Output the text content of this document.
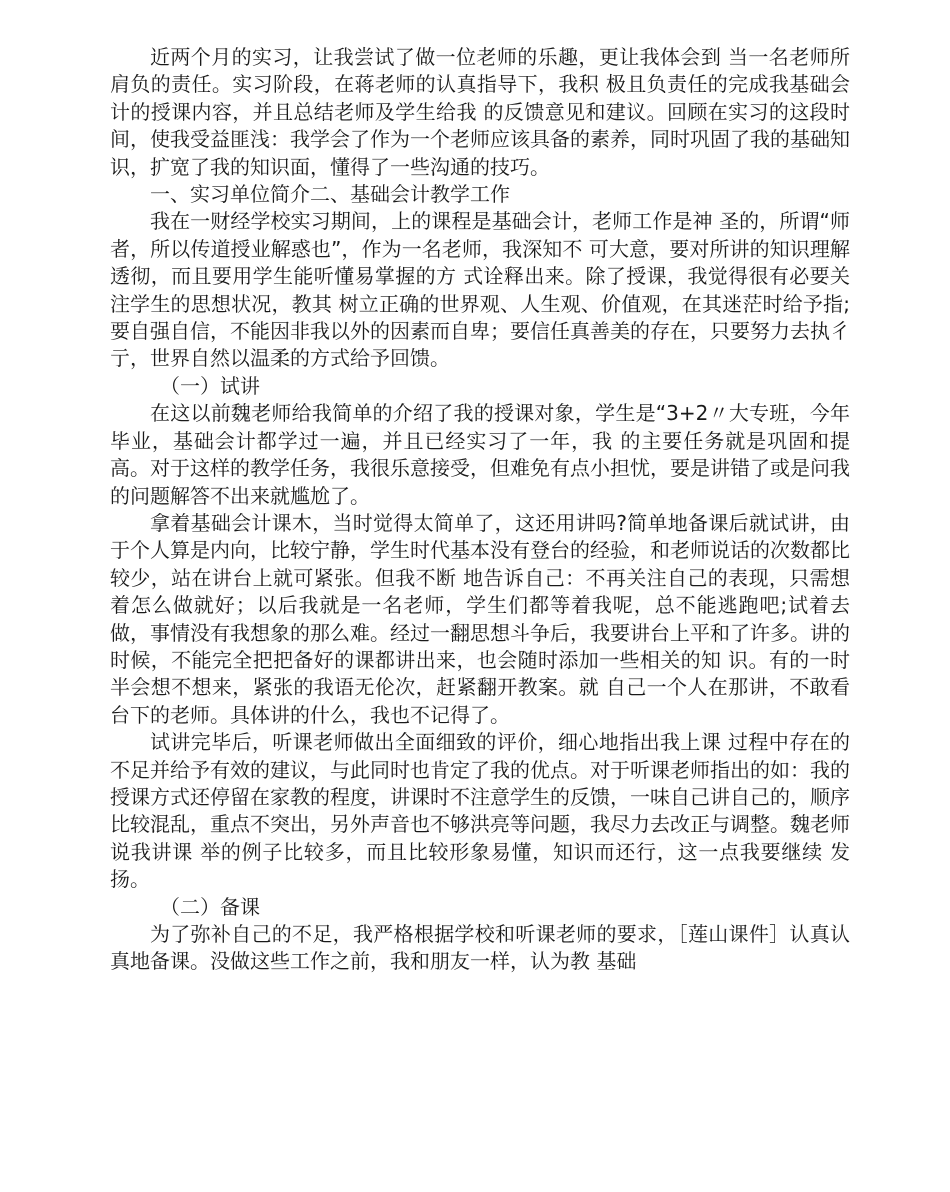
近两个月的实习，让我尝试了做一位老师的乐趣，更让我体会到 当一名老师所肩负的责任。实习阶段，在蒋老师的认真指导下，我积 极且负责任的完成我基础会计的授课内容，并且总结老师及学生给我 的反馈意见和建议。回顾在实习的这段时间，使我受益匪浅：我学会了作为一个老师应该具备的素养，同时巩固了我的基础知识，扩宽了我的知识面，懂得了一些沟通的技巧。

一、实习单位简介二、基础会计教学工作

我在一财经学校实习期间，上的课程是基础会计，老师工作是神 圣的，所谓“师者，所以传道授业解惑也”，作为一名老师，我深知不 可大意，要对所讲的知识理解透彻，而且要用学生能听懂易掌握的方 式诠释出来。除了授课，我觉得很有必要关注学生的思想状况，教其 树立正确的世界观、人生观、价值观，在其迷茫时给予指;要自强自信，不能因非我以外的因素而自卑；要信任真善美的存在，只要努力去执彳亍，世界自然以温柔的方式给予回馈。

（一）试讲

在这以前魏老师给我简单的介绍了我的授课对象，学生是“3+2〃大专班，今年毕业，基础会计都学过一遍，并且已经实习了一年，我 的主要任务就是巩固和提高。对于这样的教学任务，我很乐意接受，但难免有点小担忧，要是讲错了或是问我的问题解答不出来就尴尬了。

拿着基础会计课木，当时觉得太简单了，这还用讲吗?简单地备课后就试讲，由于个人算是内向，比较宁静，学生时代基本没有登台的经验，和老师说话的次数都比较少，站在讲台上就可紧张。但我不断 地告诉自己：不再关注自己的表现，只需想着怎么做就好；以后我就是一名老师，学生们都等着我呢，总不能逃跑吧;试着去做，事情没有我想象的那么难。经过一翻思想斗争后，我要讲台上平和了许多。讲的 时候，不能完全把把备好的课都讲出来，也会随时添加一些相关的知 识。有的一时半会想不想来，紧张的我语无伦次，赶紧翻开教案。就 自己一个人在那讲，不敢看台下的老师。具体讲的什么，我也不记得了。

试讲完毕后，听课老师做出全面细致的评价，细心地指出我上课 过程中存在的不足并给予有效的建议，与此同时也肯定了我的优点。对于听课老师指出的如：我的授课方式还停留在家教的程度，讲课时不注意学生的反馈，一味自己讲自己的，顺序比较混乱，重点不突出，另外声音也不够洪亮等问题，我尽力去改正与调整。魏老师说我讲课 举的例子比较多，而且比较形象易懂，知识而还行，这一点我要继续 发扬。

（二）备课

为了弥补自己的不足，我严格根据学校和听课老师的要求，［莲山课件］认真认真地备课。没做这些工作之前，我和朋友一样，认为教 基础
